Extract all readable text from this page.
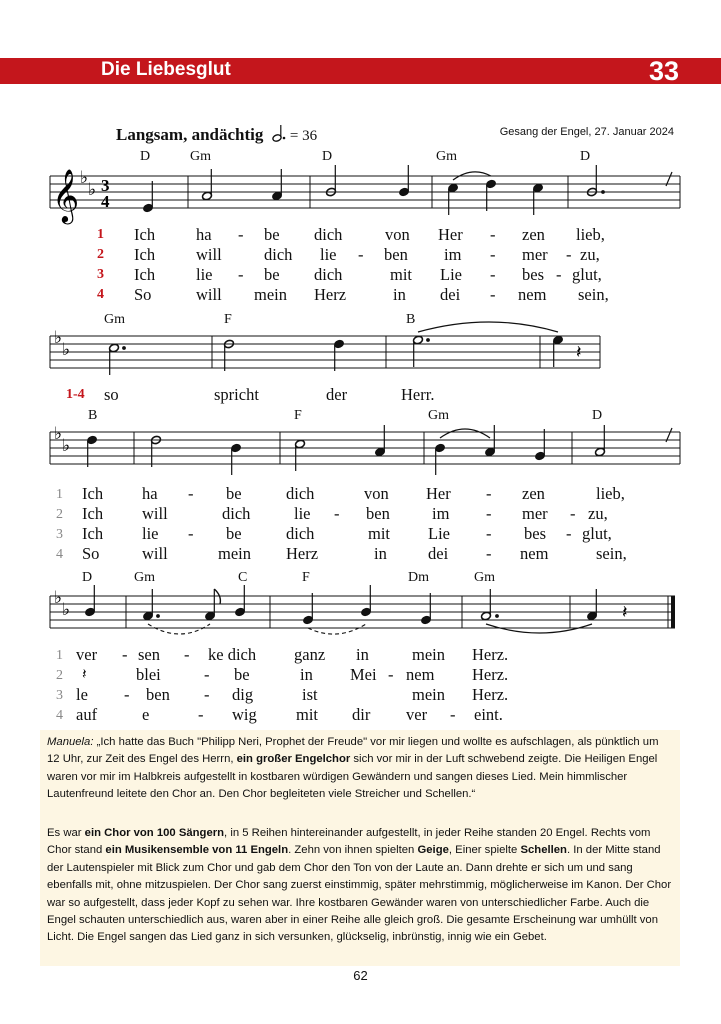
Die Liebesglut	33
Langsam, andächtig = 36	Gesang der Engel, 27. Januar 2024
𝄞 ♭
♭ 3
4
D	Gm	D	Gm	D
1 Ich ha - be dich	von Her - zen lieb,
2 Ich will	dich lie - ben im - mer - zu,
3 Ich lie - be dich	mit Lie - bes - glut,
4 So	will mein Herz	in dei - nem sein,
♭
♭	𝄽
Gm	F	B
1-4 so	spricht	der	Herr.
♭
♭
B	F	Gm	D
1 Ich ha - be	dich	von Her - zen	lieb,
2 Ich will	dich	lie - ben	im - mer - zu,
3 Ich lie - be	dich	mit Lie - bes - glut,
4 So	will	mein Herz	in dei - nem	sein,
♭
♭	𝄽
D	Gm	C	F	Dm	Gm
1 ver - sen - ke dich ganz in	mein Herz.
2 𝄽	blei	- be	in Mei - nem Herz.
3 le - ben - dig	ist	mein Herz.
4 auf	e	- wig mit dir ver - eint.

Manuela: „Ich hatte das Buch "Philipp Neri, Prophet der Freude" vor mir liegen und wollte es aufschlagen, als pünktlich um 12 Uhr, zur Zeit des Engel des Herrn, ein großer Engelchor sich vor mir in der Luft schwebend zeigte. Die Heiligen Engel waren vor mir im Halbkreis aufgestellt in kostbaren würdigen Gewändern und sangen dieses Lied. Mein himmlischer Lautenfreund leitete den Chor an. Den Chor begleiteten viele Streicher und Schellen.“

Es war ein Chor von 100 Sängern, in 5 Reihen hintereinander aufgestellt, in jeder Reihe standen 20 Engel. Rechts vom Chor stand ein Musikensemble von 11 Engeln. Zehn von ihnen spielten Geige, Einer spielte Schellen. In der Mitte stand der Lautenspieler mit Blick zum Chor und gab dem Chor den Ton von der Laute an. Dann drehte er sich um und sang ebenfalls mit, ohne mitzuspielen. Der Chor sang zuerst einstimmig, später mehrstimmig, möglicherweise im Kanon. Der Chor war so aufgestellt, dass jeder Kopf zu sehen war. Ihre kostbaren Gewänder waren von unterschiedlicher Farbe. Auch die Engel schauten unterschiedlich aus, waren aber in einer Reihe alle gleich groß. Die gesamte Erscheinung war umhüllt von Licht. Die Engel sangen das Lied ganz in sich versunken, glückselig, inbrünstig, innig wie ein Gebet.

62
